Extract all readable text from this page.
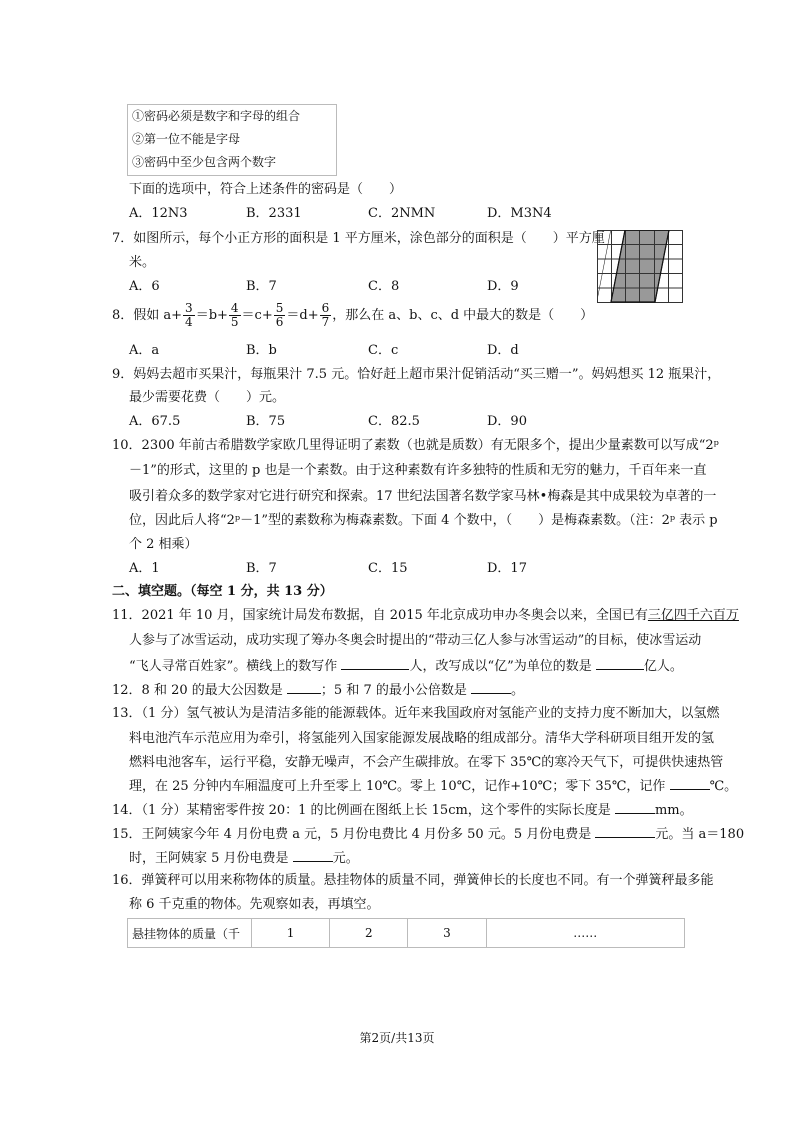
①密码必须是数字和字母的组合
②第一位不能是字母
③密码中至少包含两个数字
下面的选项中，符合上述条件的密码是（　　）
A．12N3	B．2331	C．2NMN	D．M3N4
7．如图所示，每个小正方形的面积是 1 平方厘米，涂色部分的面积是（　　）平方厘
米。
A．6	B．7	C．8	D．9
8．假如 $a+ \frac{3}{4} =b+ \frac{4}{5} =c+ \frac{5}{6} =d+ \frac{6}{7}$ ，那么在 a、b、c、d 中最大的数是（　　）
A．a	B．b	C．c	D．d
9．妈妈去超市买果汁，每瓶果汁 7.5 元。恰好赶上超市果汁促销活动“买三赠一”。妈妈想买 12 瓶果汁，
最少需要花费（　　）元。
A．67.5	B．75	C．82.5	D．90
10．2300 年前古希腊数学家欧几里得证明了素数（也就是质数）有无限多个，提出少量素数可以写成“2ᵖ
－1”的形式，这里的 p 也是一个素数。由于这种素数有许多独特的性质和无穷的魅力，千百年来一直
吸引着众多的数学家对它进行研究和探索。17 世纪法国著名数学家马林•梅森是其中成果较为卓著的一
位，因此后人将“2ᵖ－1”型的素数称为梅森素数。下面 4 个数中，（　　）是梅森素数。（注：2ᵖ 表示 p
个 2 相乘）
A．1	B．7	C．15	D．17
二、填空题。（每空 1 分，共 13 分）
11．2021 年 10 月，国家统计局发布数据，自 2015 年北京成功申办冬奥会以来，全国已有三亿四千六百万
人参与了冰雪运动，成功实现了筹办冬奥会时提出的“带动三亿人参与冰雪运动”的目标，使冰雪运动
“飞人寻常百姓家”。横线上的数写作	人，改写成以“亿”为单位的数是	亿人。
12．8 和 20 的最大公因数是	；5 和 7 的最小公倍数是	。
13．（1 分）氢气被认为是清洁多能的能源载体。近年来我国政府对氢能产业的支持力度不断加大，以氢燃
料电池汽车示范应用为牵引，将氢能列入国家能源发展战略的组成部分。清华大学科研项目组开发的氢
燃料电池客车，运行平稳，安静无噪声，不会产生碳排放。在零下 35℃的寒冷天气下，可提供快速热管
理，在 25 分钟内车厢温度可上升至零上 10℃。零上 10℃，记作+10℃；零下 35℃，记作	℃。
14．（1 分）某精密零件按 20：1 的比例画在图纸上长 15cm，这个零件的实际长度是	mm。
15．王阿姨家今年 4 月份电费 a 元，5 月份电费比 4 月份多 50 元。5 月份电费是	元。当 a＝180
时，王阿姨家 5 月份电费是	元。
16．弹簧秤可以用来称物体的质量。悬挂物体的质量不同，弹簧伸长的长度也不同。有一个弹簧秤最多能
称 6 千克重的物体。先观察如表，再填空。
悬挂物体的质量（千	1	2	3	……
第2页/共13页
